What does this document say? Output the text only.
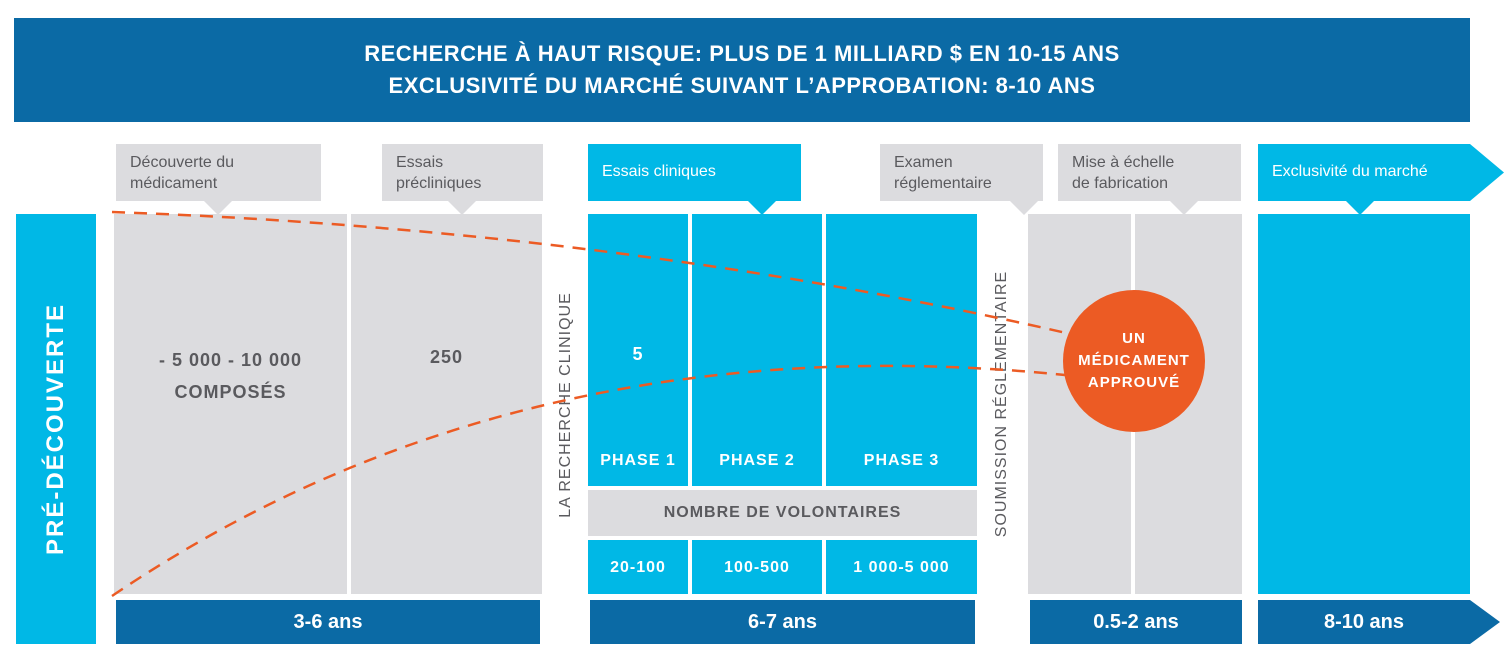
RECHERCHE À HAUT RISQUE: PLUS DE 1 MILLIARD $ EN 10-15 ANS
EXCLUSIVITÉ DU MARCHÉ SUIVANT L’APPROBATION: 8-10 ANS
Découverte du
médicament
Essais
précliniques
Essais cliniques
Examen
réglementaire
Mise à échelle
de fabrication
Exclusivité du marché
PRÉ-DÉCOUVERTE	- 5 000 - 10 000
COMPOSÉS
250	LA RECHERCHE CLINIQUE	5
PHASE 1	PHASE 2	PHASE 3
NOMBRE DE VOLONTAIRES
20-100	100-500	1 000-5 000
SOUMISSION RÉGLEMENTAIRE	UN
MÉDICAMENT
APPROUVÉ
3-6 ans	6-7 ans	0.5-2 ans	8-10 ans
